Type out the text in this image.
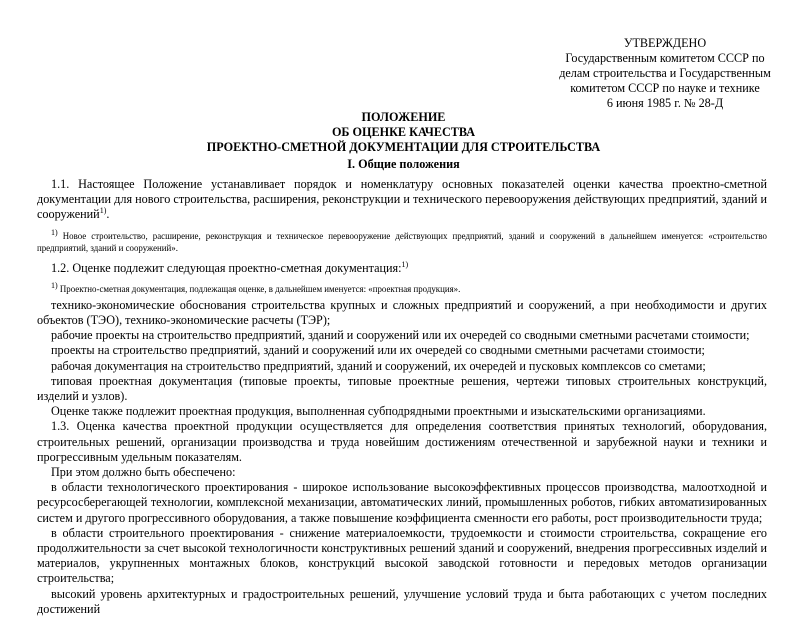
УТВЕРЖДЕНО
Государственным комитетом СССР по
делам строительства и Государственным
комитетом СССР по науке и технике
6 июня 1985 г. № 28-Д
ПОЛОЖЕНИЕ
ОБ ОЦЕНКЕ КАЧЕСТВА
ПРОЕКТНО-СМЕТНОЙ ДОКУМЕНТАЦИИ ДЛЯ СТРОИТЕЛЬСТВА
I. Общие положения

1.1. Настоящее Положение устанавливает порядок и номенклатуру основных показателей оценки качества проектно-сметной документации для нового строительства, расширения, реконструкции и технического перевооружения действующих предприятий, зданий и сооружений$^{1)}$.

$^{1)}$ Новое строительство, расширение, реконструкция и техническое перевооружение действующих предприятий, зданий и сооружений в дальнейшем именуется: «строительство предприятий, зданий и сооружений».

1.2. Оценке подлежит следующая проектно-сметная документация:$^{1)}$

$^{1)}$ Проектно-сметная документация, подлежащая оценке, в дальнейшем именуется: «проектная продукция».

технико-экономические обоснования строительства крупных и сложных предприятий и сооружений, а при необходимости и других объектов (ТЭО), технико-экономические расчеты (ТЭР);

рабочие проекты на строительство предприятий, зданий и сооружений или их очередей со сводными сметными расчетами стоимости;

проекты на строительство предприятий, зданий и сооружений или их очередей со сводными сметными расчетами стоимости;

рабочая документация на строительство предприятий, зданий и сооружений, их очередей и пусковых комплексов со сметами;

типовая проектная документация (типовые проекты, типовые проектные решения, чертежи типовых строительных конструкций, изделий и узлов).

Оценке также подлежит проектная продукция, выполненная субподрядными проектными и изыскательскими организациями.

1.3. Оценка качества проектной продукции осуществляется для определения соответствия принятых технологий, оборудования, строительных решений, организации производства и труда новейшим достижениям отечественной и зарубежной науки и техники и прогрессивным удельным показателям.

При этом должно быть обеспечено:

в области технологического проектирования - широкое использование высокоэффективных процессов производства, малоотходной и ресурсосберегающей технологии, комплексной механизации, автоматических линий, промышленных роботов, гибких автоматизированных систем и другого прогрессивного оборудования, а также повышение коэффициента сменности его работы, рост производительности труда;

в области строительного проектирования - снижение материалоемкости, трудоемкости и стоимости строительства, сокращение его продолжительности за счет высокой технологичности конструктивных решений зданий и сооружений, внедрения прогрессивных изделий и материалов, укрупненных монтажных блоков, конструкций высокой заводской готовности и передовых методов организации строительства;

высокий уровень архитектурных и градостроительных решений, улучшение условий труда и быта работающих с учетом последних достижений
